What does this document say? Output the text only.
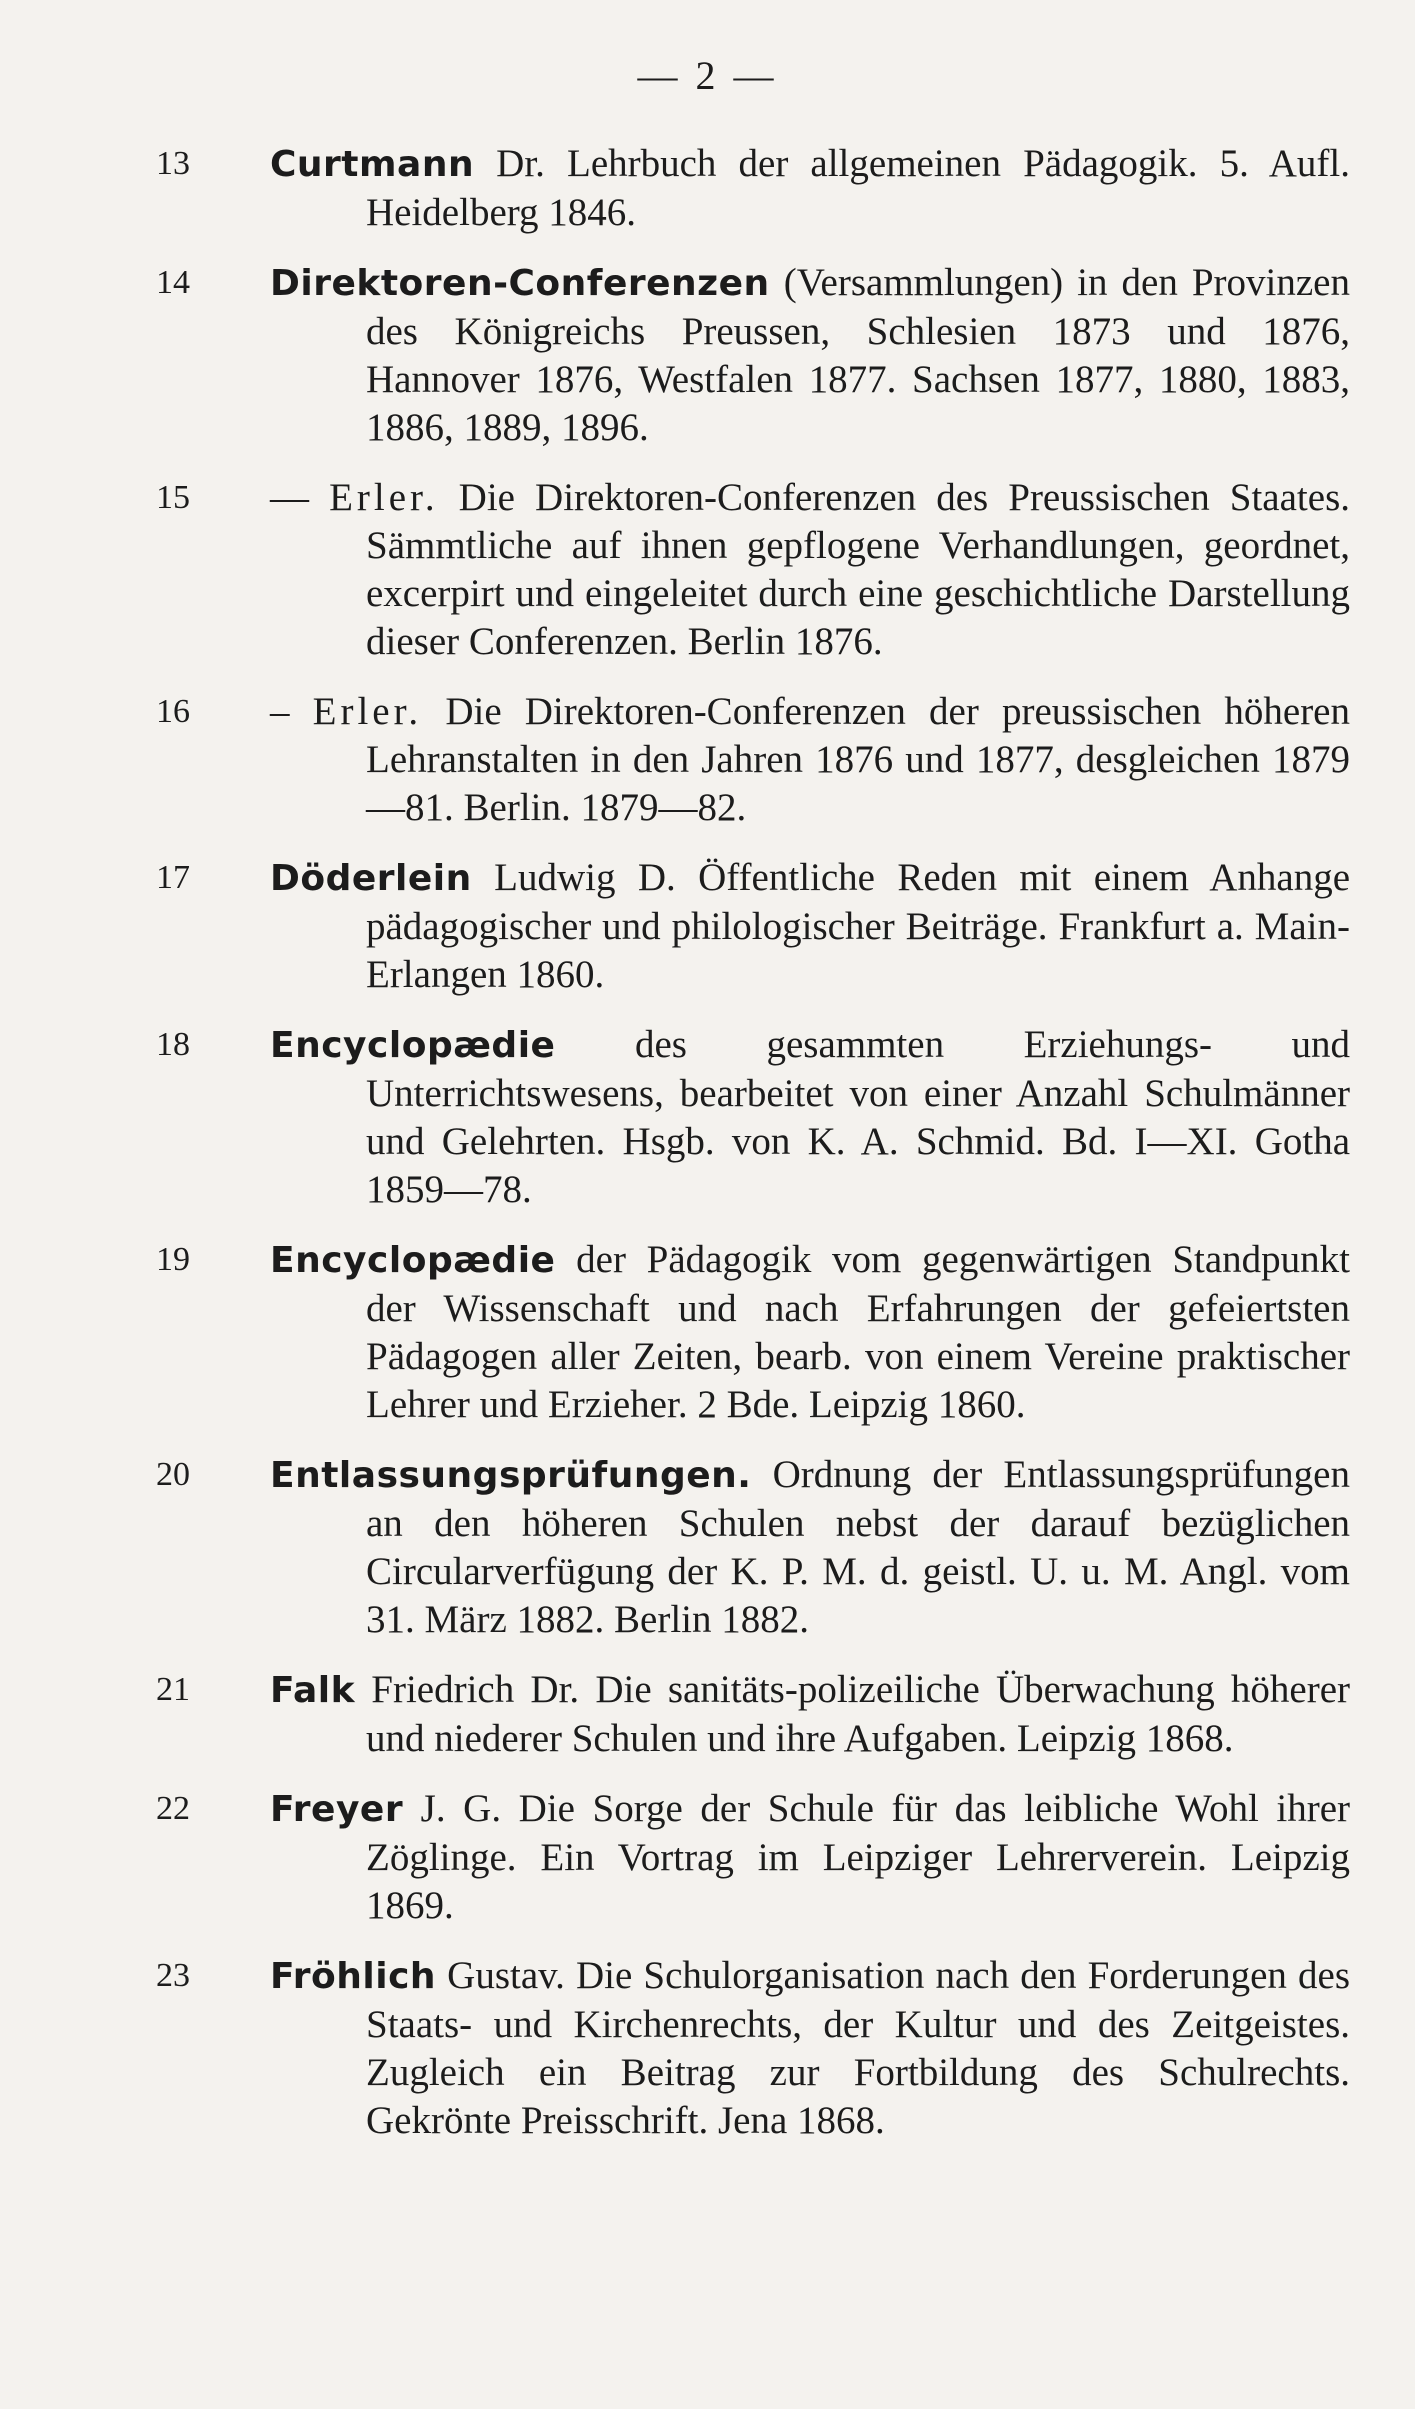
— 2 —
13 Curtmann Dr. Lehrbuch der allgemeinen Pädagogik. 5. Aufl. Heidelberg 1846.
14 Direktoren-Conferenzen (Versammlungen) in den Provinzen des Königreichs Preussen, Schlesien 1873 und 1876, Hannover 1876, Westfalen 1877. Sachsen 1877, 1880, 1883, 1886, 1889, 1896.
15 — Erler. Die Direktoren-Conferenzen des Preussischen Staates. Sämmtliche auf ihnen gepflogene Verhandlungen, geordnet, excerpirt und eingeleitet durch eine geschichtliche Darstellung dieser Conferenzen. Berlin 1876.
16 – Erler. Die Direktoren-Conferenzen der preussischen höheren Lehranstalten in den Jahren 1876 und 1877, desgleichen 1879—81. Berlin. 1879—82.
17 Döderlein Ludwig D. Öffentliche Reden mit einem Anhange pädagogischer und philologischer Beiträge. Frankfurt a. Main-Erlangen 1860.
18 Encyclopædie des gesammten Erziehungs- und Unterrichtswesens, bearbeitet von einer Anzahl Schulmänner und Gelehrten. Hsgb. von K. A. Schmid. Bd. I—XI. Gotha 1859—78.
19 Encyclopædie der Pädagogik vom gegenwärtigen Standpunkt der Wissenschaft und nach Erfahrungen der gefeiertsten Pädagogen aller Zeiten, bearb. von einem Vereine praktischer Lehrer und Erzieher. 2 Bde. Leipzig 1860.
20 Entlassungsprüfungen. Ordnung der Entlassungsprüfungen an den höheren Schulen nebst der darauf bezüglichen Circularverfügung der K. P. M. d. geistl. U. u. M. Angl. vom 31. März 1882. Berlin 1882.
21 Falk Friedrich Dr. Die sanitäts-polizeiliche Überwachung höherer und niederer Schulen und ihre Aufgaben. Leipzig 1868.
22 Freyer J. G. Die Sorge der Schule für das leibliche Wohl ihrer Zöglinge. Ein Vortrag im Leipziger Lehrerverein. Leipzig 1869.
23 Fröhlich Gustav. Die Schulorganisation nach den Forderungen des Staats- und Kirchenrechts, der Kultur und des Zeitgeistes. Zugleich ein Beitrag zur Fortbildung des Schulrechts. Gekrönte Preisschrift. Jena 1868.
